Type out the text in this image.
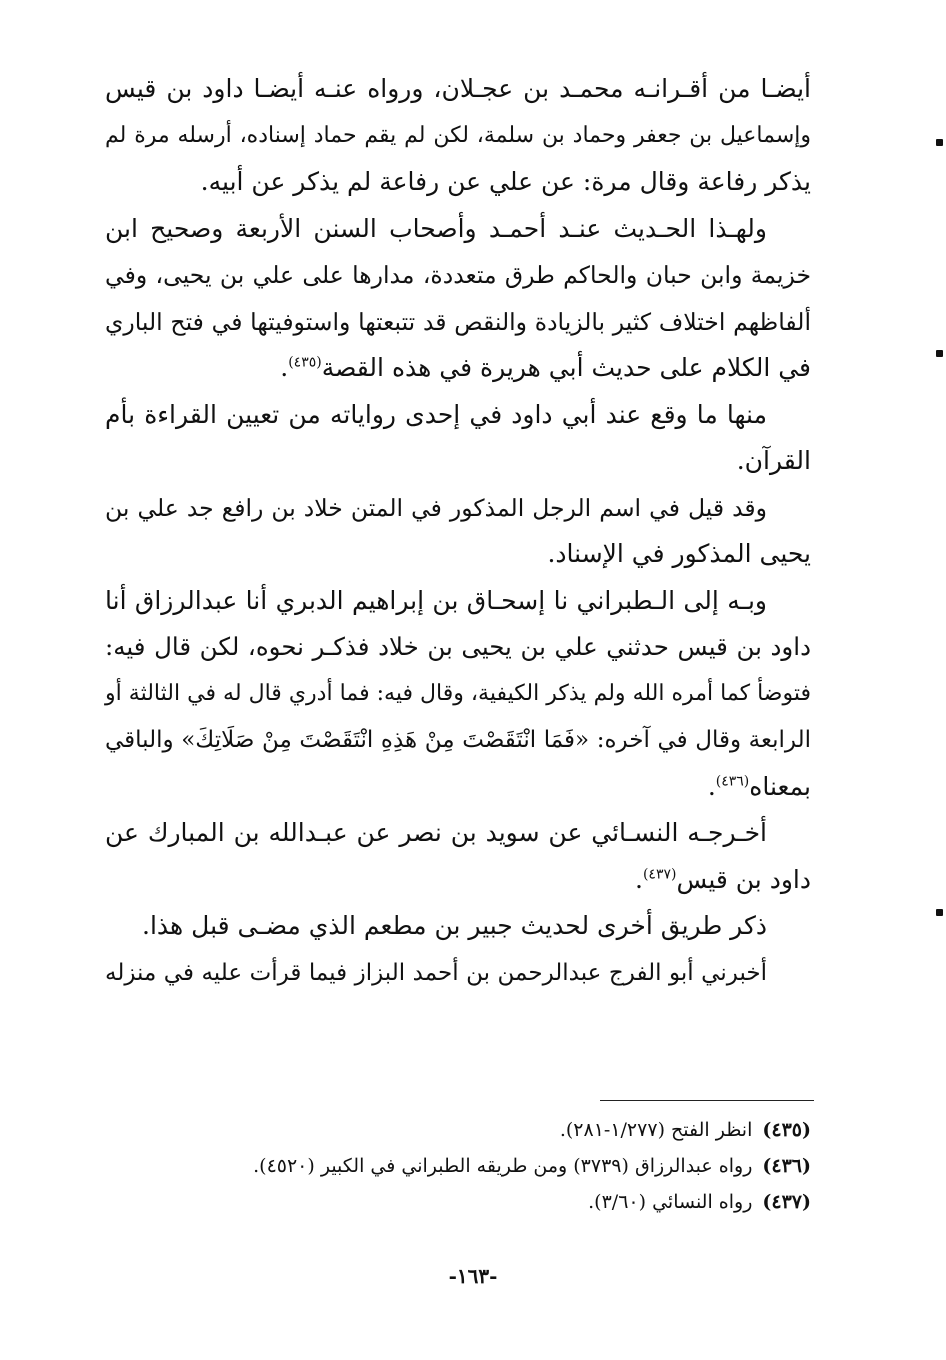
أيضـا من أقـرانـه محمـد بن عجـلان، ورواه عنـه أيضـا داود بن قيس
وإسماعيل بن جعفر وحماد بن سلمة، لكن لم يقم حماد إسناده، أرسله مرة لم
يذكر رفاعة وقال مرة: عن علي عن رفاعة لم يذكر عن أبيه.

ولهـذا الحـديث عنـد أحمـد وأصحاب السنن الأربعة وصحيح ابن
خزيمة وابن حبان والحاكم طرق متعددة، مدارها على علي بن يحيى، وفي
ألفاظهم اختلاف كثير بالزيادة والنقص قد تتبعتها واستوفيتها في فتح الباري
في الكلام على حديث أبي هريرة في هذه القصة$^{(٤٣٥)}$.

منها ما وقع عند أبي داود في إحدى رواياته من تعيين القراءة بأم
القرآن.

وقد قيل في اسم الرجل المذكور في المتن خلاد بن رافع جد علي بن
يحيى المذكور في الإسناد.

وبـه إلى الـطبراني نا إسحـاق بن إبراهيم الدبري أنا عبدالرزاق أنا
داود بن قيس حدثني علي بن يحيى بن خلاد فذكـر نحوه، لكن قال فيه:
فتوضأ كما أمره الله ولم يذكر الكيفية، وقال فيه: فما أدري قال له في الثالثة أو
الرابعة وقال في آخره: «فَمَا انْتَقَصْتَ مِنْ هَذِهِ انْتَقَصْتَ مِنْ صَلَاتِكَ» والباقي
بمعناه$^{(٤٣٦)}$.

أخـرجـه النسـائي عن سويد بن نصر عن عبـدالله بن المبارك عن
داود بن قيس$^{(٤٣٧)}$.

ذكر طريق أخرى لحديث جبير بن مطعم الذي مضـى قبل هذا.

أخبرني أبو الفرج عبدالرحمن بن أحمد البزاز فيما قرأت عليه في منزله

(٤٣٥)انظر الفتح (١/٢٧٧-٢٨١).
(٤٣٦)رواه عبدالرزاق (٣٧٣٩) ومن طريقه الطبراني في الكبير (٤٥٢٠).
(٤٣٧)رواه النسائي (٣/٦٠).
-١٦٣-
